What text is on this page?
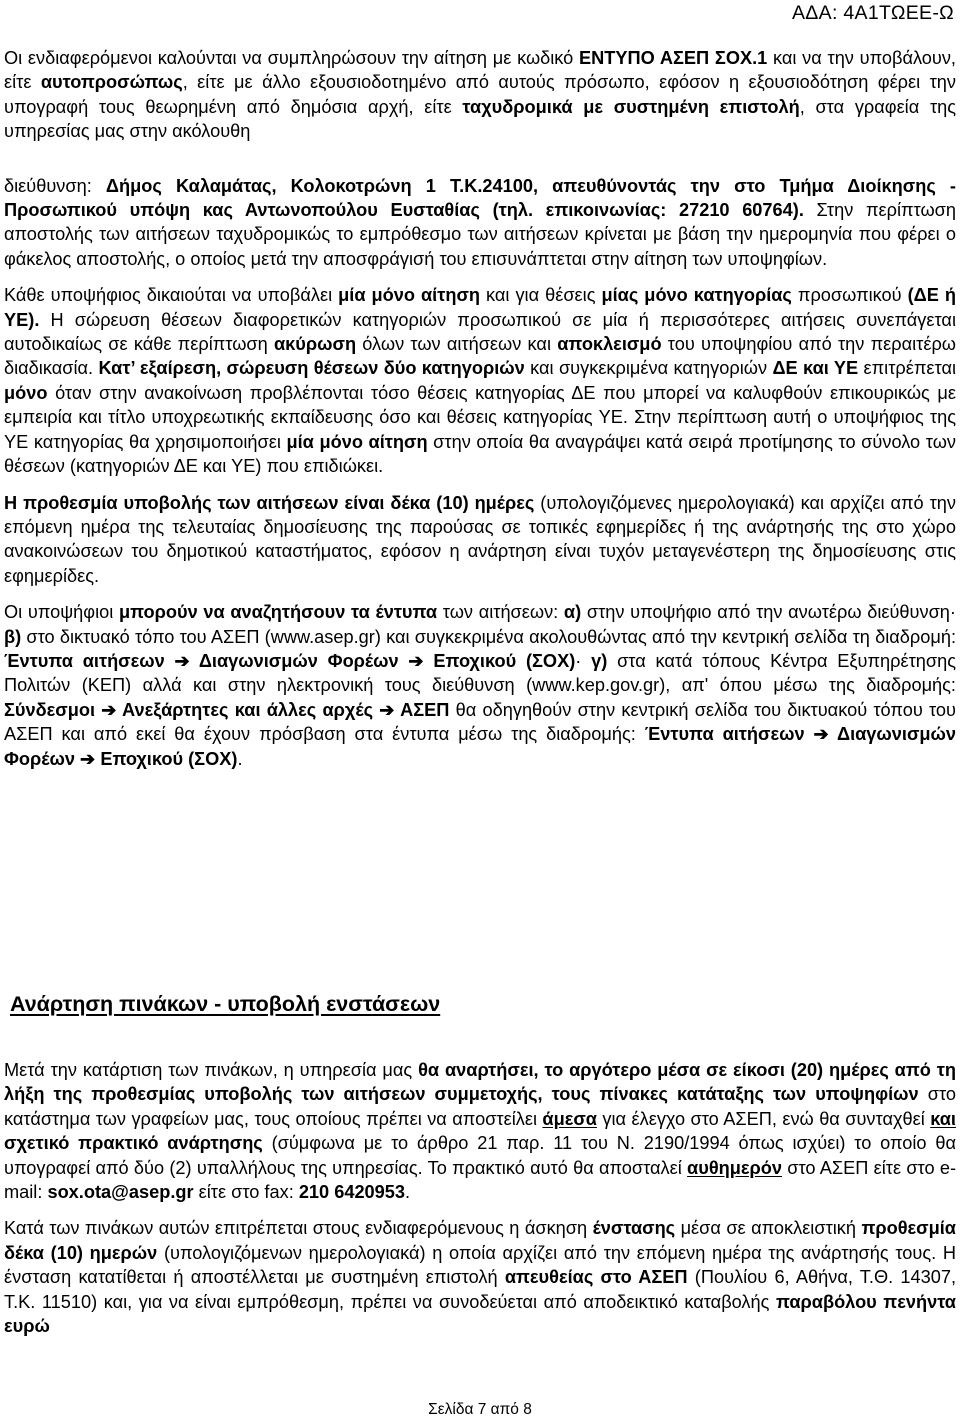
ΑΔΑ: 4Α1ΤΩΕΕ-Ω

Οι ενδιαφερόμενοι καλούνται να συμπληρώσουν την αίτηση με κωδικό ΕΝΤΥΠΟ ΑΣΕΠ ΣΟΧ.1 και να την υποβάλουν, είτε αυτοπροσώπως, είτε με άλλο εξουσιοδοτημένο από αυτούς πρόσωπο, εφόσον η εξουσιοδότηση φέρει την υπογραφή τους θεωρημένη από δημόσια αρχή, είτε ταχυδρομικά με συστημένη επιστολή, στα γραφεία της υπηρεσίας μας στην ακόλουθη

διεύθυνση: Δήμος Καλαμάτας, Κολοκοτρώνη 1 Τ.Κ.24100, απευθύνοντάς την στο Τμήμα Διοίκησης - Προσωπικού υπόψη κας Αντωνοπούλου Ευσταθίας (τηλ. επικοινωνίας: 27210 60764). Στην περίπτωση αποστολής των αιτήσεων ταχυδρομικώς το εμπρόθεσμο των αιτήσεων κρίνεται με βάση την ημερομηνία που φέρει ο φάκελος αποστολής, ο οποίος μετά την αποσφράγισή του επισυνάπτεται στην αίτηση των υποψηφίων.

Κάθε υποψήφιος δικαιούται να υποβάλει μία μόνο αίτηση και για θέσεις μίας μόνο κατηγορίας προσωπικού (ΔΕ ή ΥΕ). Η σώρευση θέσεων διαφορετικών κατηγοριών προσωπικού σε μία ή περισσότερες αιτήσεις συνεπάγεται αυτοδικαίως σε κάθε περίπτωση ακύρωση όλων των αιτήσεων και αποκλεισμό του υποψηφίου από την περαιτέρω διαδικασία. Κατ’ εξαίρεση, σώρευση θέσεων δύο κατηγοριών και συγκεκριμένα κατηγοριών ΔΕ και ΥΕ επιτρέπεται μόνο όταν στην ανακοίνωση προβλέπονται τόσο θέσεις κατηγορίας ΔΕ που μπορεί να καλυφθούν επικουρικώς με εμπειρία και τίτλο υποχρεωτικής εκπαίδευσης όσο και θέσεις κατηγορίας ΥΕ. Στην περίπτωση αυτή ο υποψήφιος της ΥΕ κατηγορίας θα χρησιμοποιήσει μία μόνο αίτηση στην οποία θα αναγράψει κατά σειρά προτίμησης το σύνολο των θέσεων (κατηγοριών ΔΕ και ΥΕ) που επιδιώκει.

Η προθεσμία υποβολής των αιτήσεων είναι δέκα (10) ημέρες (υπολογιζόμενες ημερολογιακά) και αρχίζει από την επόμενη ημέρα της τελευταίας δημοσίευσης της παρούσας σε τοπικές εφημερίδες ή της ανάρτησής της στο χώρο ανακοινώσεων του δημοτικού καταστήματος, εφόσον η ανάρτηση είναι τυχόν μεταγενέστερη της δημοσίευσης στις εφημερίδες.

Οι υποψήφιοι μπορούν να αναζητήσουν τα έντυπα των αιτήσεων: α) στην υποψήφιο από την ανωτέρω διεύθυνση· β) στο δικτυακό τόπο του ΑΣΕΠ (www.asep.gr) και συγκεκριμένα ακολουθώντας από την κεντρική σελίδα τη διαδρομή: Έντυπα αιτήσεων ➔ Διαγωνισμών Φορέων ➔ Εποχικού (ΣΟΧ)· γ) στα κατά τόπους Κέντρα Εξυπηρέτησης Πολιτών (ΚΕΠ) αλλά και στην ηλεκτρονική τους διεύθυνση (www.kep.gov.gr), απ' όπου μέσω της διαδρομής: Σύνδεσμοι ➔ Ανεξάρτητες και άλλες αρχές ➔ ΑΣΕΠ θα οδηγηθούν στην κεντρική σελίδα του δικτυακού τόπου του ΑΣΕΠ και από εκεί θα έχουν πρόσβαση στα έντυπα μέσω της διαδρομής: Έντυπα αιτήσεων ➔ Διαγωνισμών Φορέων ➔ Εποχικού (ΣΟΧ).

Ανάρτηση πινάκων - υποβολή ενστάσεων

Μετά την κατάρτιση των πινάκων, η υπηρεσία μας θα αναρτήσει, το αργότερο μέσα σε είκοσι (20) ημέρες από τη λήξη της προθεσμίας υποβολής των αιτήσεων συμμετοχής, τους πίνακες κατάταξης των υποψηφίων στο κατάστημα των γραφείων μας, τους οποίους πρέπει να αποστείλει άμεσα για έλεγχο στο ΑΣΕΠ, ενώ θα συνταχθεί και σχετικό πρακτικό ανάρτησης (σύμφωνα με το άρθρο 21 παρ. 11 του Ν. 2190/1994 όπως ισχύει) το οποίο θα υπογραφεί από δύο (2) υπαλλήλους της υπηρεσίας. Το πρακτικό αυτό θα αποσταλεί αυθημερόν στο ΑΣΕΠ είτε στο e-mail: sox.ota@asep.gr είτε στο fax: 210 6420953.

Κατά των πινάκων αυτών επιτρέπεται στους ενδιαφερόμενους η άσκηση ένστασης μέσα σε αποκλειστική προθεσμία δέκα (10) ημερών (υπολογιζόμενων ημερολογιακά) η οποία αρχίζει από την επόμενη ημέρα της ανάρτησής τους. Η ένσταση κατατίθεται ή αποστέλλεται με συστημένη επιστολή απευθείας στο ΑΣΕΠ (Πουλίου 6, Αθήνα, Τ.Θ. 14307, Τ.Κ. 11510) και, για να είναι εμπρόθεσμη, πρέπει να συνοδεύεται από αποδεικτικό καταβολής παραβόλου πενήντα ευρώ

Σελίδα 7 από 8
